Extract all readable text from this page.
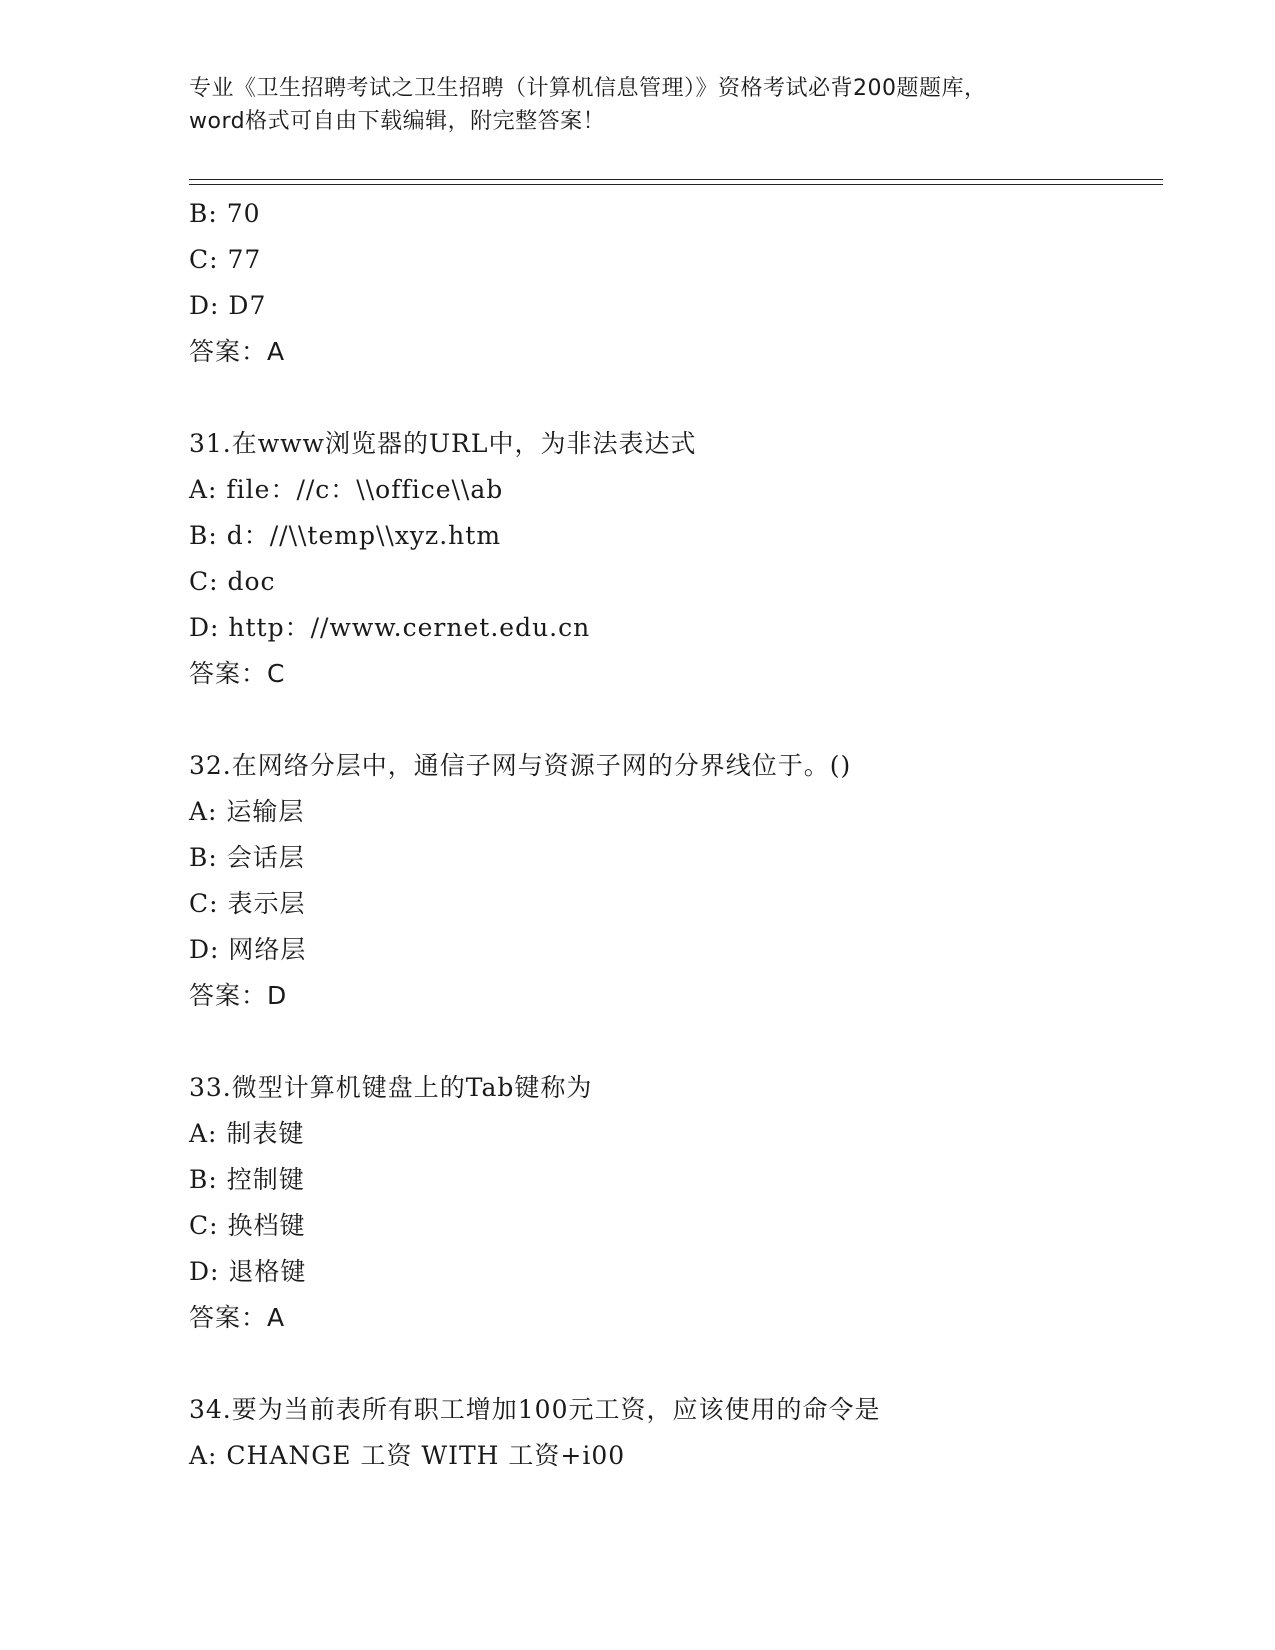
专业《卫生招聘考试之卫生招聘（计算机信息管理）》资格考试必背200题题库，
word格式可自由下载编辑，附完整答案！
B: 70
C: 77
D: D7
答案：A
31.在www浏览器的URL中，为非法表达式
A: file：//c：\\office\\ab
B: d：//\\temp\\xyz.htm
C: doc
D: http：//www.cernet.edu.cn
答案：C
32.在网络分层中，通信子网与资源子网的分界线位于。()
A: 运输层
B: 会话层
C: 表示层
D: 网络层
答案：D
33.微型计算机键盘上的Tab键称为
A: 制表键
B: 控制键
C: 换档键
D: 退格键
答案：A
34.要为当前表所有职工增加100元工资，应该使用的命令是
A: CHANGE 工资 WITH 工资+i00
